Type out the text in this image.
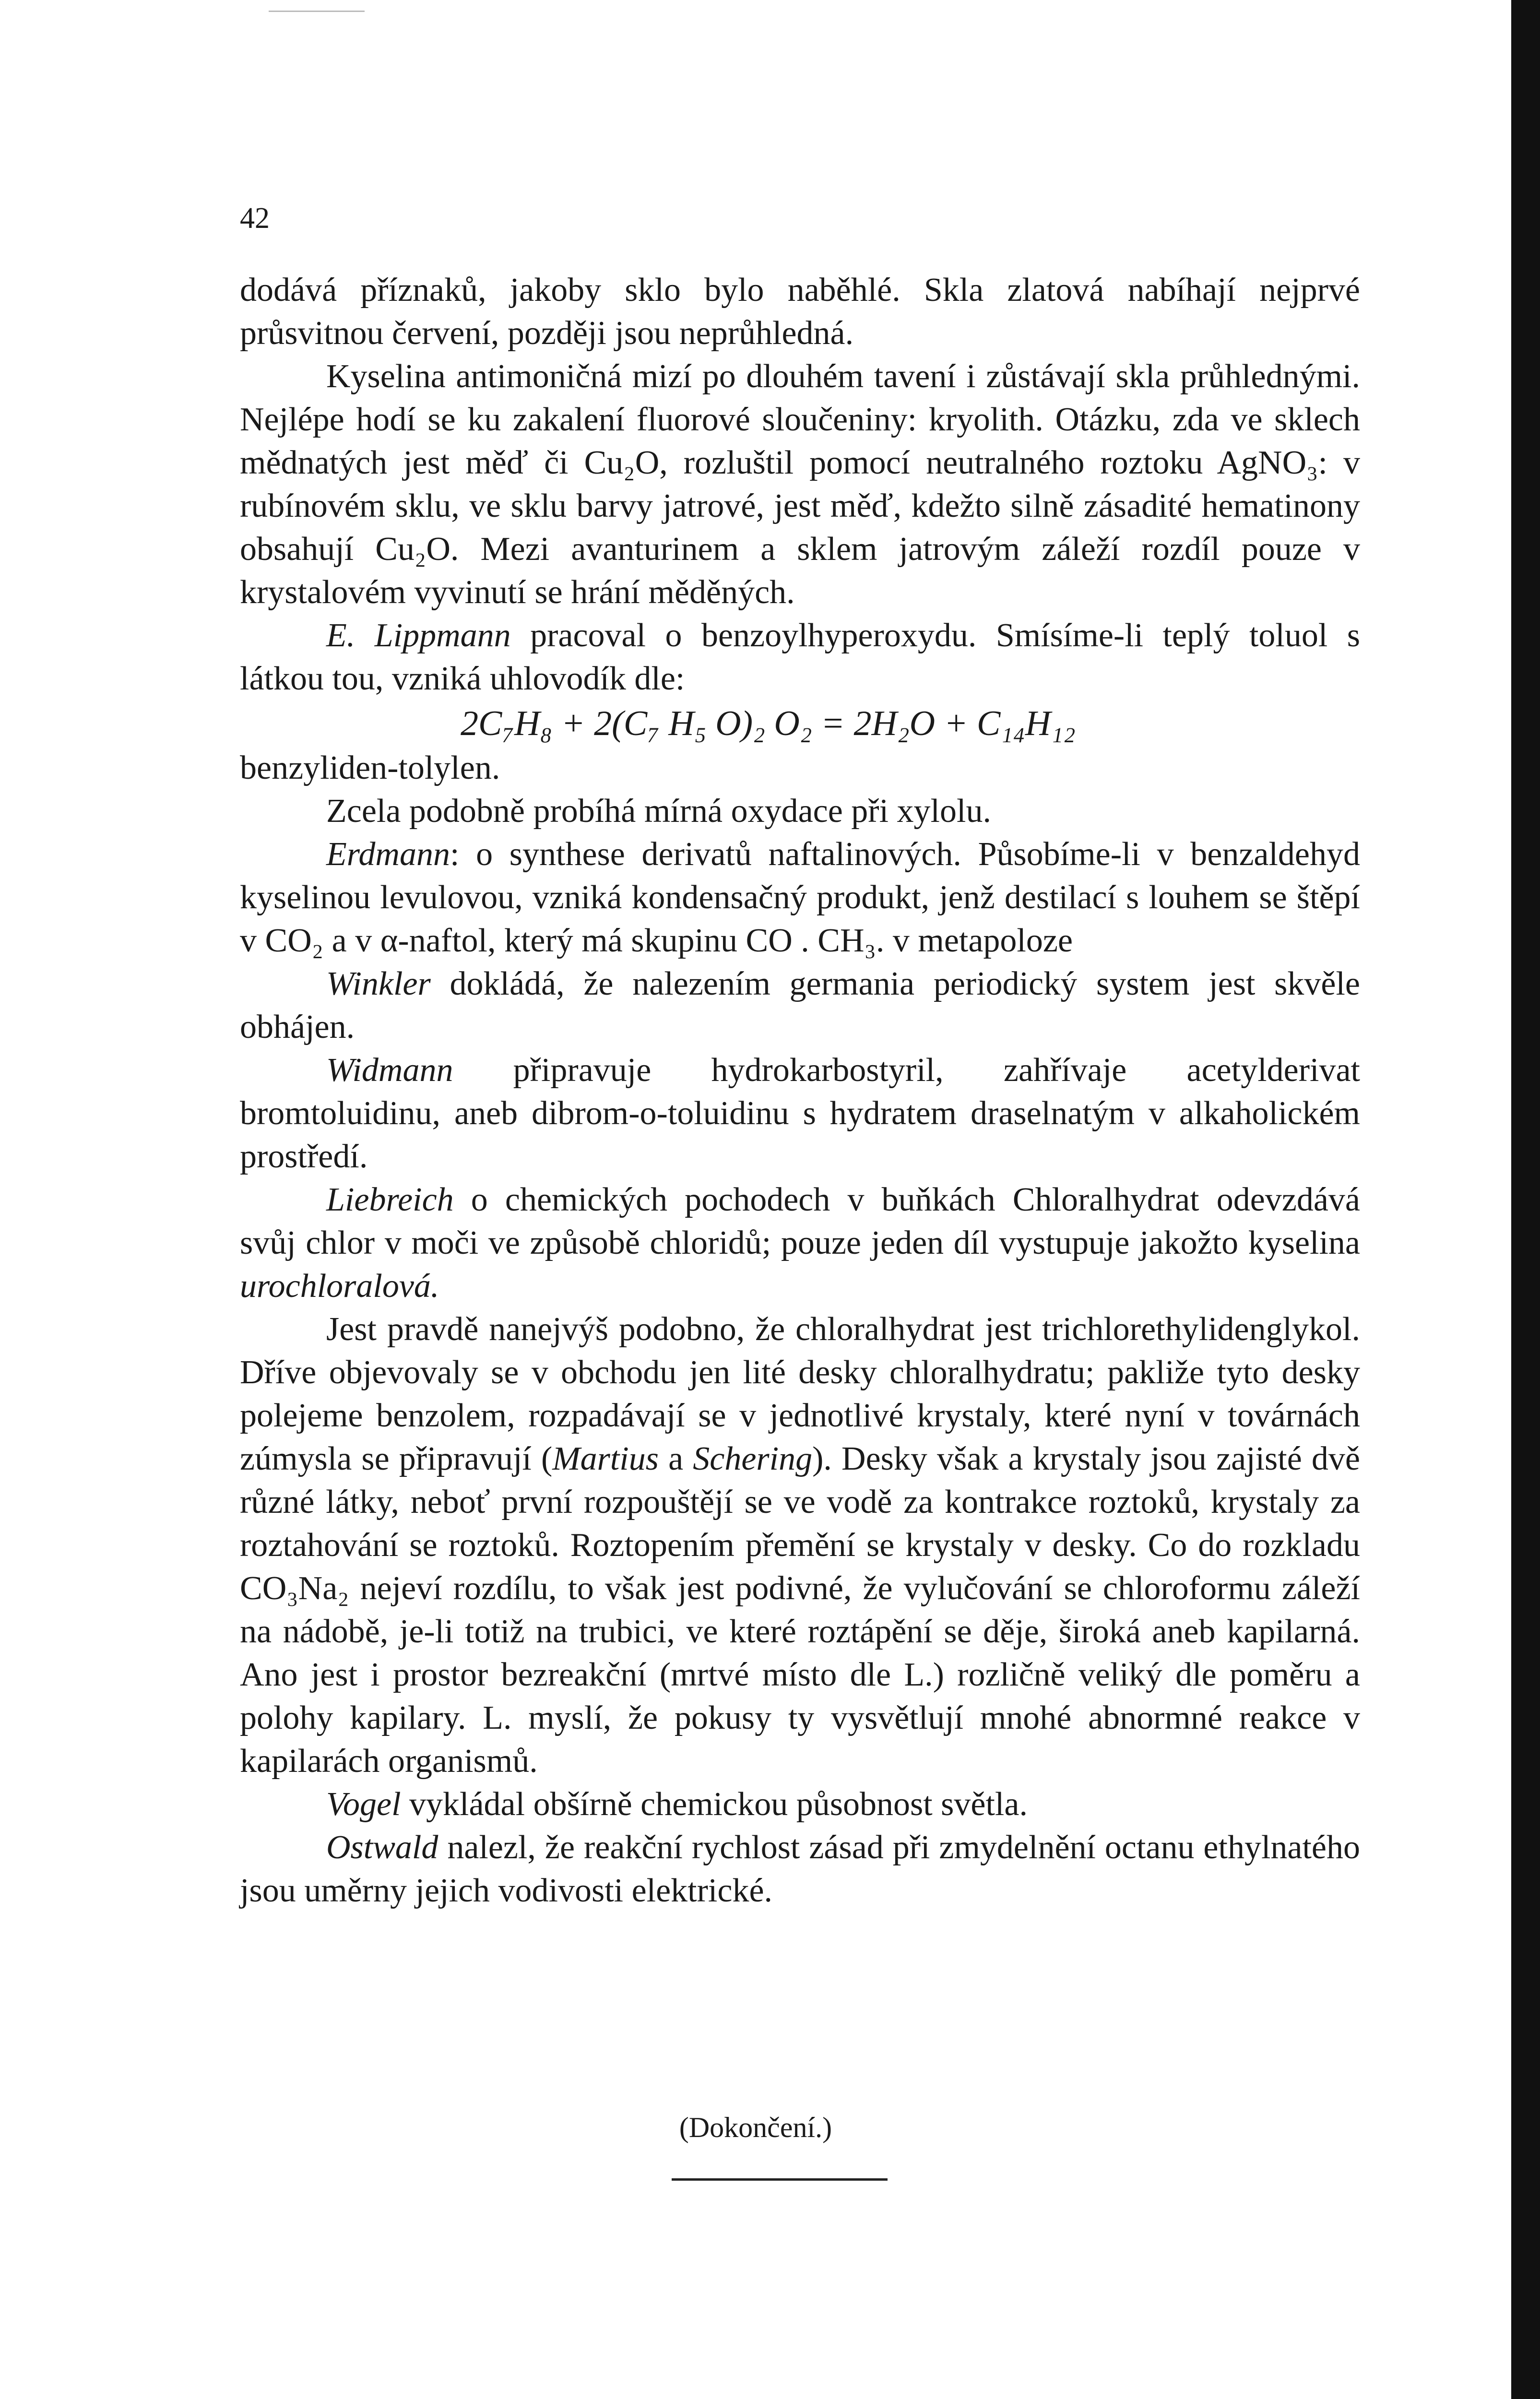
42

dodává příznaků, jakoby sklo bylo naběhlé. Skla zlatová nabíhají nejprvé průsvitnou červení, později jsou neprůhledná.

Kyselina antimoničná mizí po dlouhém tavení i zůstávají skla průhlednými. Nejlépe hodí se ku zakalení fluorové sloučeniny: kryolith. Otázku, zda ve sklech mědnatých jest měď či Cu₂O, rozluštil pomocí neutralného roztoku AgNO₃: v rubínovém sklu, ve sklu barvy jatrové, jest měď, kdežto silně zásadité hematinony obsahují Cu₂O. Mezi avanturinem a sklem jatrovým záleží rozdíl pouze v krystalovém vyvinutí se hrání měděných.

E. Lippmann pracoval o benzoylhyperoxydu. Smísíme-li teplý toluol s látkou tou, vzniká uhlovodík dle:

2C₇H₈ + 2(C₇ H₅ O)₂ O₂ = 2H₂O + C₁₄H₁₂

benzyliden-tolylen.

Zcela podobně probíhá mírná oxydace při xylolu.

Erdmann: o synthese derivatů naftalinových. Působíme-li v benzaldehyd kyselinou levulovou, vzniká kondensačný produkt, jenž destilací s louhem se štěpí v CO₂ a v α-naftol, který má skupinu CO . CH₃. v metapoloze

Winkler dokládá, že nalezením germania periodický system jest skvěle obhájen.

Widmann připravuje hydrokarbostyril, zahřívaje acetylderivat bromtoluidinu, aneb dibrom-o-toluidinu s hydratem draselnatým v alkaholickém prostředí.

Liebreich o chemických pochodech v buňkách Chloralhydrat odevzdává svůj chlor v moči ve způsobě chloridů; pouze jeden díl vystupuje jakožto kyselina urochloralová.

Jest pravdě nanejvýš podobno, že chloralhydrat jest trichlorethylidenglykol. Dříve objevovaly se v obchodu jen lité desky chloralhydratu; pakliže tyto desky polejeme benzolem, rozpadávají se v jednotlivé krystaly, které nyní v továrnách zúmysla se připravují (Martius a Schering). Desky však a krystaly jsou zajisté dvě různé látky, neboť první rozpouštějí se ve vodě za kontrakce roztoků, krystaly za roztahování se roztoků. Roztopením přemění se krystaly v desky. Co do rozkladu CO₃Na₂ nejeví rozdílu, to však jest podivné, že vylučování se chloroformu záleží na nádobě, je-li totiž na trubici, ve které roztápění se děje, široká aneb kapilarná. Ano jest i prostor bezreakční (mrtvé místo dle L.) rozličně veliký dle poměru a polohy kapilary. L. myslí, že pokusy ty vysvětlují mnohé abnormné reakce v kapilarách organismů.

Vogel vykládal obšírně chemickou působnost světla.

Ostwald nalezl, že reakční rychlost zásad při zmydelnění octanu ethylnatého jsou uměrny jejich vodivosti elektrické.

(Dokončení.)
